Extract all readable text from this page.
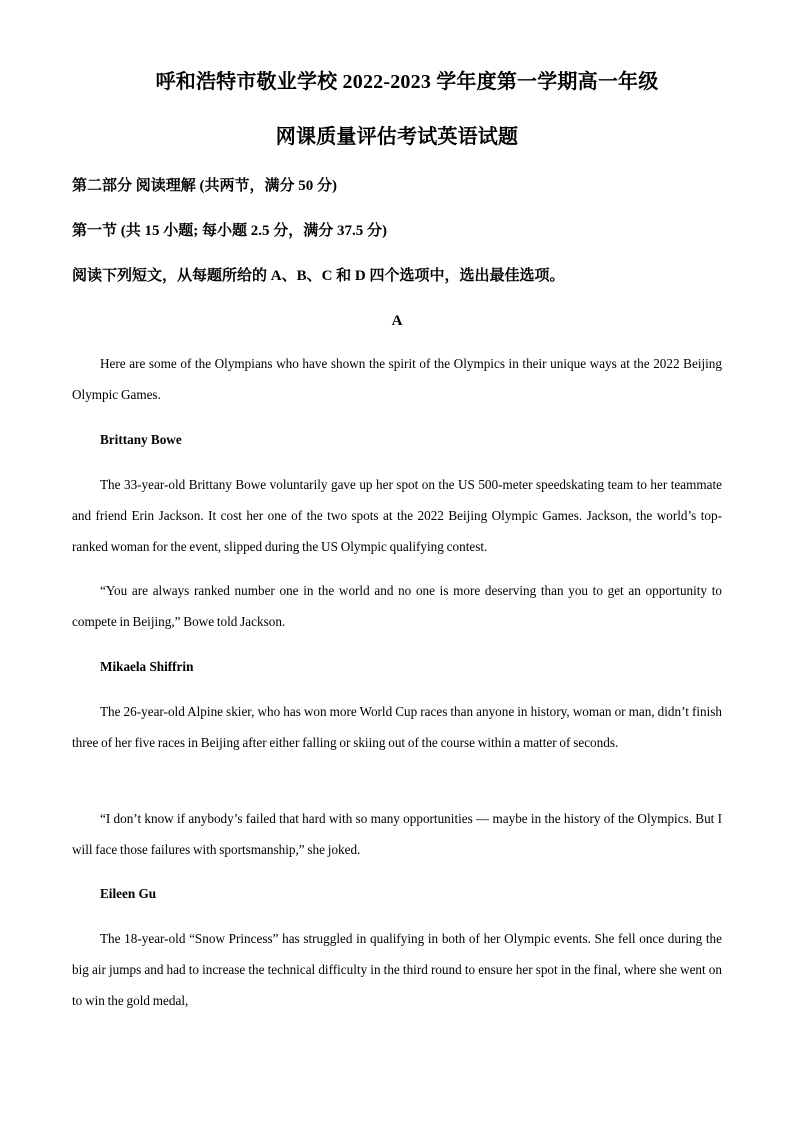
呼和浩特市敬业学校 2022-2023 学年度第一学期高一年级
网课质量评估考试英语试题
第二部分 阅读理解 (共两节，满分 50 分)
第一节 (共 15 小题; 每小题 2.5 分，满分 37.5 分)
阅读下列短文，从每题所给的 A、B、C 和 D 四个选项中，选出最佳选项。
A
Here are some of the Olympians who have shown the spirit of the Olympics in their unique ways at the 2022 Beijing Olympic Games.
Brittany Bowe
The 33-year-old Brittany Bowe voluntarily gave up her spot on the US 500-meter speedskating team to her teammate and friend Erin Jackson. It cost her one of the two spots at the 2022 Beijing Olympic Games. Jackson, the world’s top-ranked woman for the event, slipped during the US Olympic qualifying contest.
“You are always ranked number one in the world and no one is more deserving than you to get an opportunity to compete in Beijing,” Bowe told Jackson.
Mikaela Shiffrin
The 26-year-old Alpine skier, who has won more World Cup races than anyone in history, woman or man, didn’t finish three of her five races in Beijing after either falling or skiing out of the course within a matter of seconds.
“I don’t know if anybody’s failed that hard with so many opportunities — maybe in the history of the Olympics. But I will face those failures with sportsmanship,” she joked.
Eileen Gu
The 18-year-old “Snow Princess” has struggled in qualifying in both of her Olympic events. She fell once during the big air jumps and had to increase the technical difficulty in the third round to ensure her spot in the final, where she went on to win the gold medal,
